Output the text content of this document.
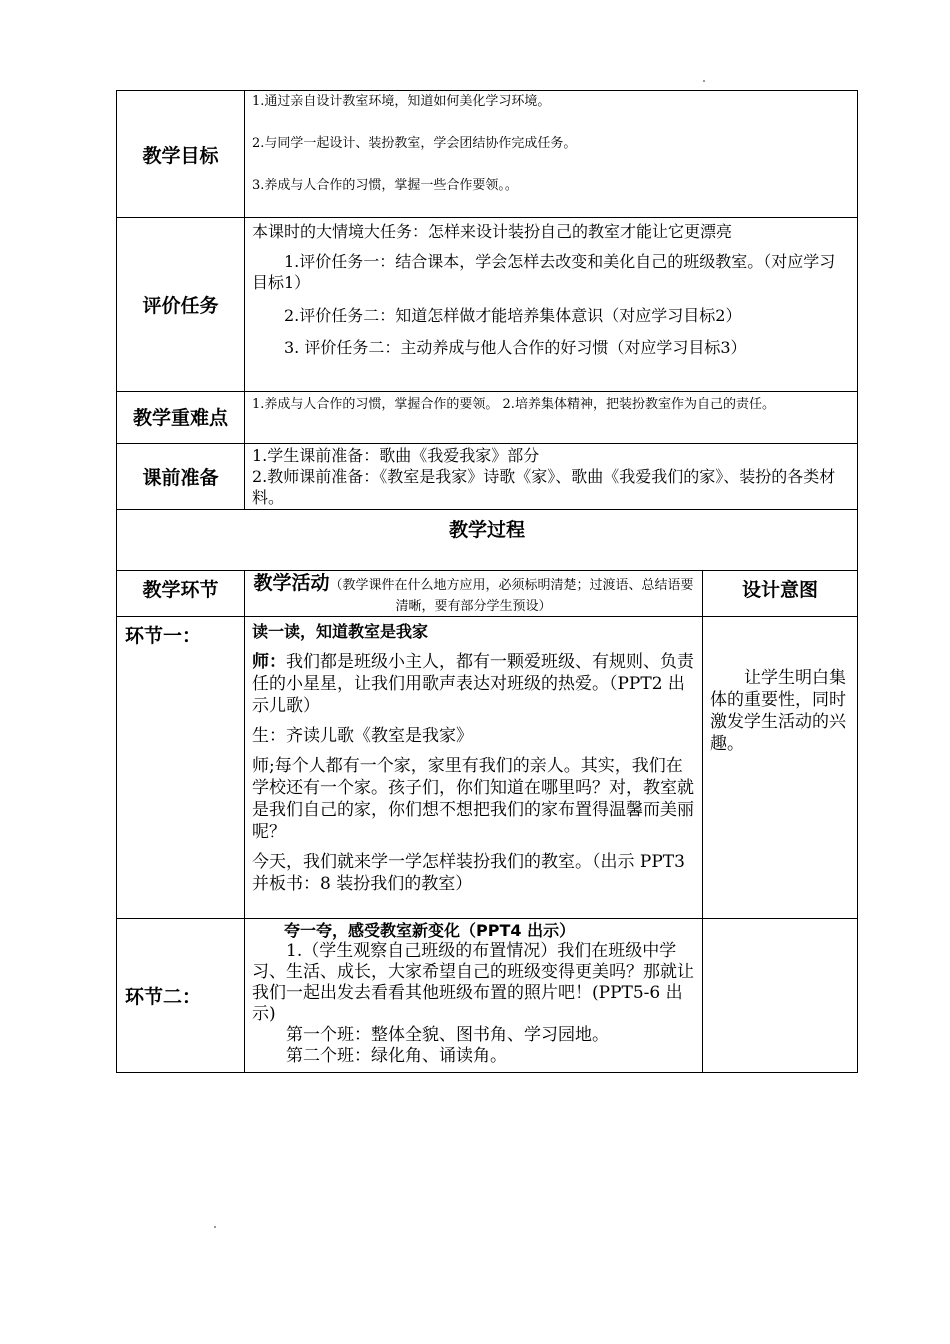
教学目标	1.通过亲自设计教室环境，知道如何美化学习环境。

2.与同学一起设计、装扮教室，学会团结协作完成任务。

3.养成与人合作的习惯，掌握一些合作要领。。	

评价任务	本课时的大情境大任务：怎样来设计装扮自己的教室才能让它更漂亮

1.评价任务一：结合课本，学会怎样去改变和美化自己的班级教室。（对应学习目标1）

2.评价任务二：知道怎样做才能培养集体意识（对应学习目标2）

3. 评价任务二：主动养成与他人合作的好习惯（对应学习目标3）	

教学重难点	1.养成与人合作的习惯，掌握合作的要领。 2.培养集体精神，把装扮教室作为自己的责任。	

课前准备	1.学生课前准备：歌曲《我爱我家》部分

2.教师课前准备：《教室是我家》诗歌《家》、歌曲《我爱我们的家》、装扮的各类材料。	

教学过程		
教学环节	教学活动（教学课件在什么地方应用，必须标明清楚；过渡语、总结语要清晰，要有部分学生预设）	设计意图
环节一：	读一读，知道教室是我家

师：我们都是班级小主人，都有一颗爱班级、有规则、负责任的小星星，让我们用歌声表达对班级的热爱。（PPT2 出示儿歌）

生：齐读儿歌《教室是我家》

师;每个人都有一个家，家里有我们的亲人。其实，我们在学校还有一个家。孩子们，你们知道在哪里吗？对，教室就是我们自己的家，你们想不想把我们的家布置得温馨而美丽呢？

今天，我们就来学一学怎样装扮我们的教室。（出示 PPT3 并板书：8 装扮我们的教室）	让学生明白集体的重要性，同时激发学生活动的兴趣。

环节二：	夸一夸，感受教室新变化（PPT4 出示）

1.（学生观察自己班级的布置情况）我们在班级中学习、生活、成长，大家希望自己的班级变得更美吗？那就让我们一起出发去看看其他班级布置的照片吧！(PPT5-6 出示)

第一个班：整体全貌、图书角、学习园地。

第二个班：绿化角、诵读角。	
